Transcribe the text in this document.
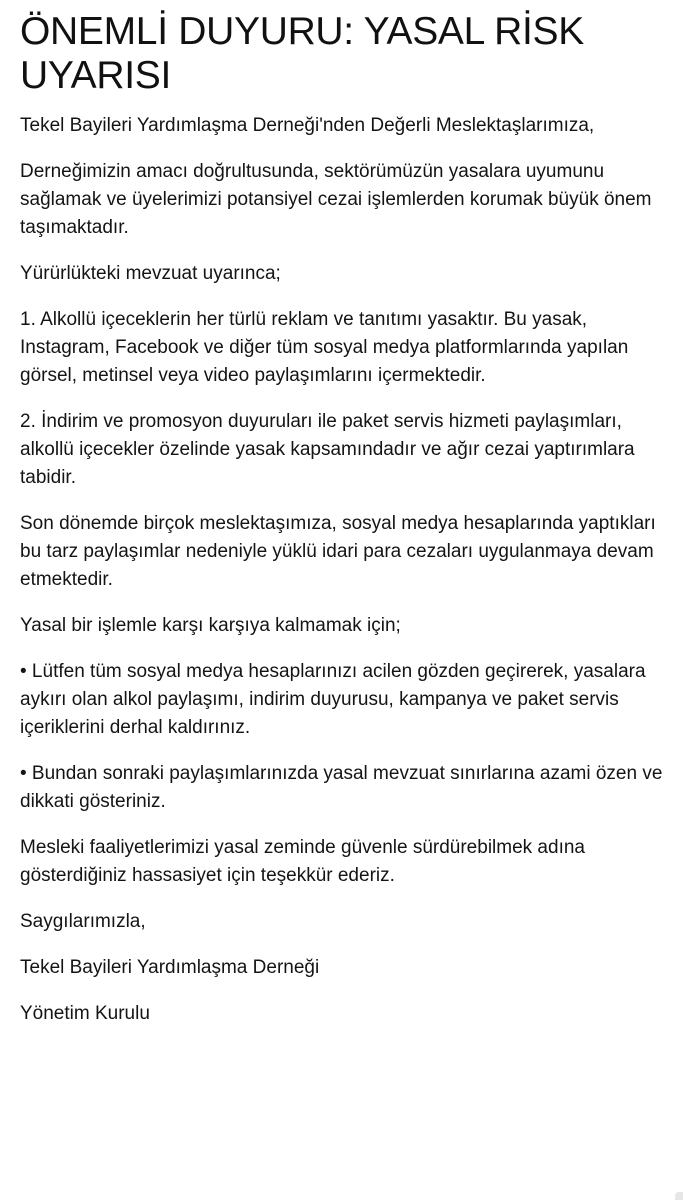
ÖNEMLİ DUYURU: YASAL RİSK UYARISI

Tekel Bayileri Yardımlaşma Derneği'nden Değerli Meslektaşlarımıza,

Derneğimizin amacı doğrultusunda, sektörümüzün yasalara uyumunu sağlamak ve üyelerimizi potansiyel cezai işlemlerden korumak büyük önem taşımaktadır.

Yürürlükteki mevzuat uyarınca;

1. Alkollü içeceklerin her türlü reklam ve tanıtımı yasaktır. Bu yasak, Instagram, Facebook ve diğer tüm sosyal medya platformlarında yapılan görsel, metinsel veya video paylaşımlarını içermektedir.

2. İndirim ve promosyon duyuruları ile paket servis hizmeti paylaşımları, alkollü içecekler özelinde yasak kapsamındadır ve ağır cezai yaptırımlara tabidir.

Son dönemde birçok meslektaşımıza, sosyal medya hesaplarında yaptıkları bu tarz paylaşımlar nedeniyle yüklü idari para cezaları uygulanmaya devam etmektedir.

Yasal bir işlemle karşı karşıya kalmamak için;

• Lütfen tüm sosyal medya hesaplarınızı acilen gözden geçirerek, yasalara aykırı olan alkol paylaşımı, indirim duyurusu, kampanya ve paket servis içeriklerini derhal kaldırınız.

• Bundan sonraki paylaşımlarınızda yasal mevzuat sınırlarına azami özen ve dikkati gösteriniz.

Mesleki faaliyetlerimizi yasal zeminde güvenle sürdürebilmek adına gösterdiğiniz hassasiyet için teşekkür ederiz.

Saygılarımızla,

Tekel Bayileri Yardımlaşma Derneği

Yönetim Kurulu
